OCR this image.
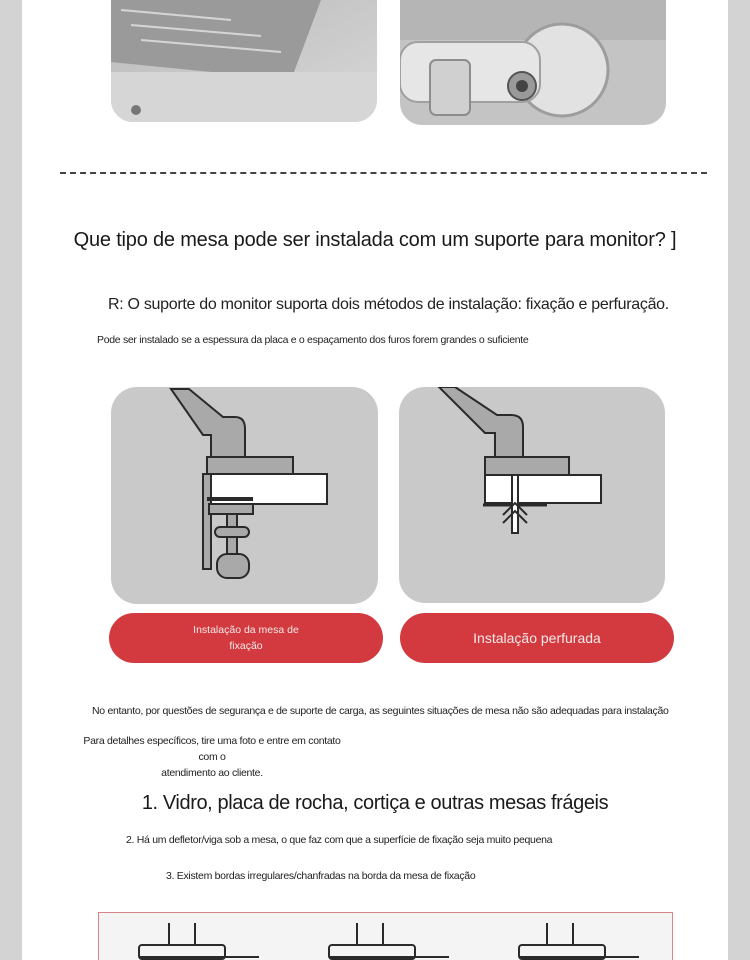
Que tipo de mesa pode ser instalada com um suporte para monitor? ]
R: O suporte do monitor suporta dois métodos de instalação: fixação e perfuração.
Pode ser instalado se a espessura da placa e o espaçamento dos furos forem grandes o suficiente
Instalação da mesa de
fixação	Instalação perfurada
No entanto, por questões de segurança e de suporte de carga, as seguintes situações de mesa não são adequadas para instalação
Para detalhes específicos, tire uma foto e entre em contato com o
atendimento ao cliente.
1. Vidro, placa de rocha, cortiça e outras mesas frágeis
2. Há um defletor/viga sob a mesa, o que faz com que a superfície de fixação seja muito pequena
3. Existem bordas irregulares/chanfradas na borda da mesa de fixação
